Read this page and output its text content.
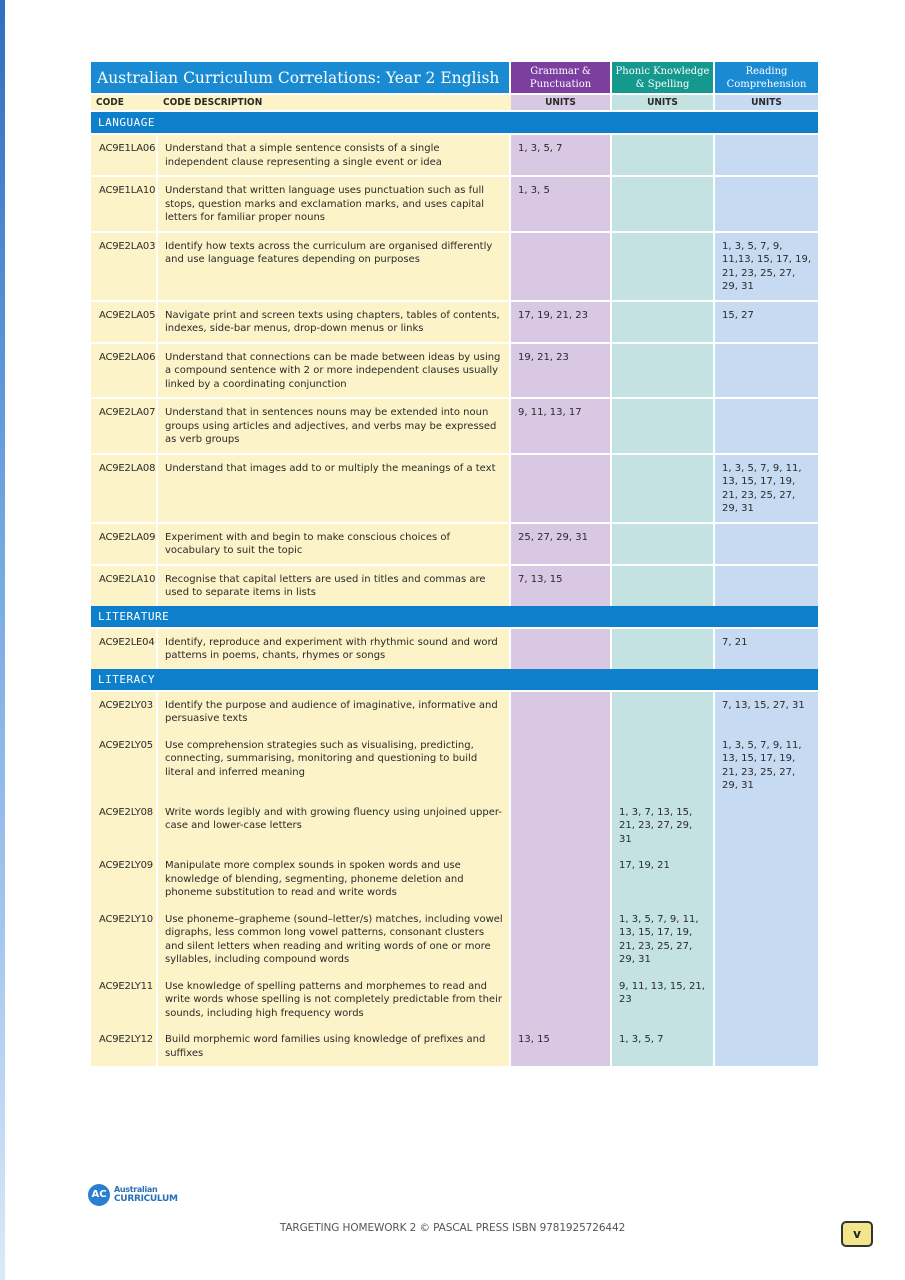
Australian Curriculum Correlations: Year 2 English		Grammar & Punctuation	Phonic Knowledge & Spelling	Reading Comprehension
CODE	CODE DESCRIPTION	UNITS	UNITS	UNITS
LANGUAGE				
AC9E1LA06	Understand that a simple sentence consists of a single independent clause representing a single event or idea	1, 3, 5, 7		
AC9E1LA10	Understand that written language uses punctuation such as full stops, question marks and exclamation marks, and uses capital letters for familiar proper nouns	1, 3, 5		
AC9E2LA03	Identify how texts across the curriculum are organised differently and use language features depending on purposes			1, 3, 5, 7, 9, 11,13, 15, 17, 19, 21, 23, 25, 27, 29, 31
AC9E2LA05	Navigate print and screen texts using chapters, tables of contents, indexes, side-bar menus, drop-down menus or links	17, 19, 21, 23		15, 27
AC9E2LA06	Understand that connections can be made between ideas by using a compound sentence with 2 or more independent clauses usually linked by a coordinating conjunction	19, 21, 23		
AC9E2LA07	Understand that in sentences nouns may be extended into noun groups using articles and adjectives, and verbs may be expressed as verb groups	9, 11, 13, 17		
AC9E2LA08	Understand that images add to or multiply the meanings of a text			1, 3, 5, 7, 9, 11, 13, 15, 17, 19, 21, 23, 25, 27, 29, 31
AC9E2LA09	Experiment with and begin to make conscious choices of vocabulary to suit the topic	25, 27, 29, 31		
AC9E2LA10	Recognise that capital letters are used in titles and commas are used to separate items in lists	7, 13, 15		
LITERATURE				
AC9E2LE04	Identify, reproduce and experiment with rhythmic sound and word patterns in poems, chants, rhymes or songs			7, 21
LITERACY				
AC9E2LY03	Identify the purpose and audience of imaginative, informative and persuasive texts			7, 13, 15, 27, 31
AC9E2LY05	Use comprehension strategies such as visualising, predicting, connecting, summarising, monitoring and questioning to build literal and inferred meaning			1, 3, 5, 7, 9, 11, 13, 15, 17, 19, 21, 23, 25, 27, 29, 31
AC9E2LY08	Write words legibly and with growing fluency using unjoined upper-case and lower-case letters		1, 3, 7, 13, 15, 21, 23, 27, 29, 31	
AC9E2LY09	Manipulate more complex sounds in spoken words and use knowledge of blending, segmenting, phoneme deletion and phoneme substitution to read and write words		17, 19, 21	
AC9E2LY10	Use phoneme–grapheme (sound–letter/s) matches, including vowel digraphs, less common long vowel patterns, consonant clusters and silent letters when reading and writing words of one or more syllables, including compound words		1, 3, 5, 7, 9, 11, 13, 15, 17, 19, 21, 23, 25, 27, 29, 31	
AC9E2LY11	Use knowledge of spelling patterns and morphemes to read and write words whose spelling is not completely predictable from their sounds, including high frequency words		9, 11, 13, 15, 21, 23	
AC9E2LY12	Build morphemic word families using knowledge of prefixes and suffixes	13, 15	1, 3, 5, 7	
AC Australian
CURRICULUM
TARGETING HOMEWORK 2 © PASCAL PRESS ISBN 9781925726442	v
